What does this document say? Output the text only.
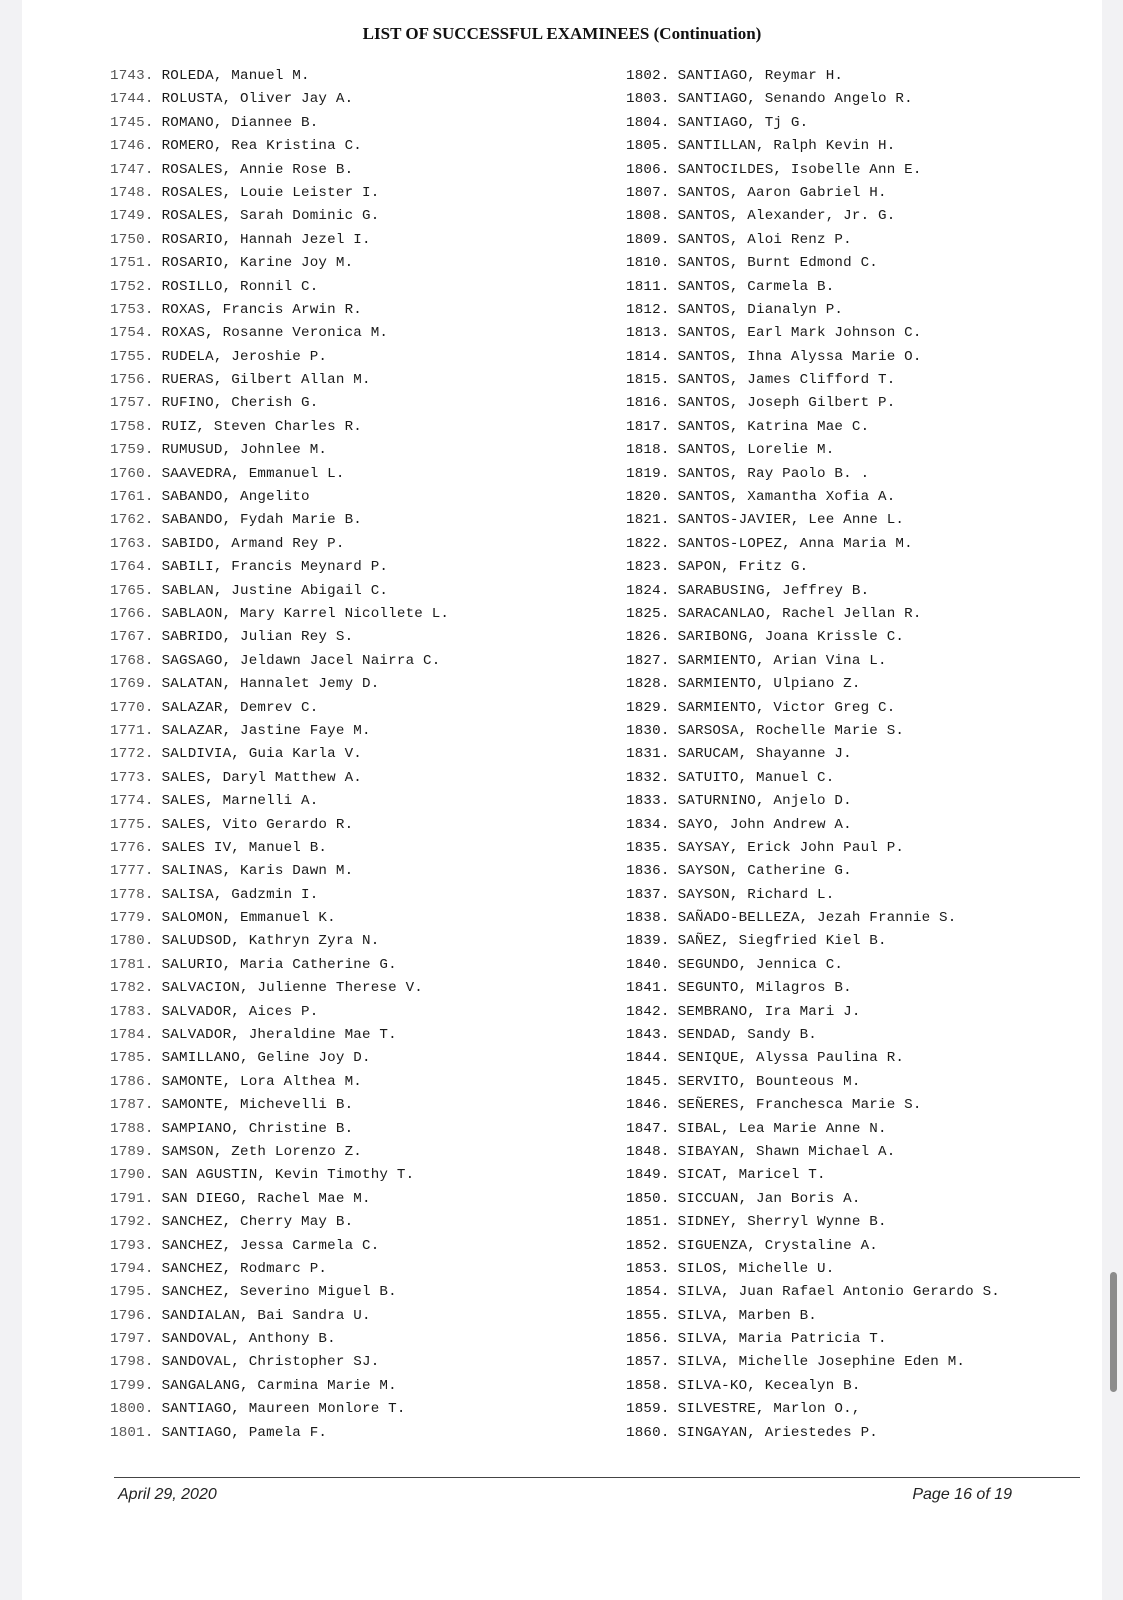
LIST OF SUCCESSFUL EXAMINEES (Continuation)
1743. ROLEDA, Manuel M.
1744. ROLUSTA, Oliver Jay A.
1745. ROMANO, Diannee B.
1746. ROMERO, Rea Kristina C.
1747. ROSALES, Annie Rose B.
1748. ROSALES, Louie Leister I.
1749. ROSALES, Sarah Dominic G.
1750. ROSARIO, Hannah Jezel I.
1751. ROSARIO, Karine Joy M.
1752. ROSILLO, Ronnil C.
1753. ROXAS, Francis Arwin R.
1754. ROXAS, Rosanne Veronica M.
1755. RUDELA, Jeroshie P.
1756. RUERAS, Gilbert Allan M.
1757. RUFINO, Cherish G.
1758. RUIZ, Steven Charles R.
1759. RUMUSUD, Johnlee M.
1760. SAAVEDRA, Emmanuel L.
1761. SABANDO, Angelito
1762. SABANDO, Fydah Marie B.
1763. SABIDO, Armand Rey P.
1764. SABILI, Francis Meynard P.
1765. SABLAN, Justine Abigail C.
1766. SABLAON, Mary Karrel Nicollete L.
1767. SABRIDO, Julian Rey S.
1768. SAGSAGO, Jeldawn Jacel Nairra C.
1769. SALATAN, Hannalet Jemy D.
1770. SALAZAR, Demrev C.
1771. SALAZAR, Jastine Faye M.
1772. SALDIVIA, Guia Karla V.
1773. SALES, Daryl Matthew A.
1774. SALES, Marnelli A.
1775. SALES, Vito Gerardo R.
1776. SALES IV, Manuel B.
1777. SALINAS, Karis Dawn M.
1778. SALISA, Gadzmin I.
1779. SALOMON, Emmanuel K.
1780. SALUDSOD, Kathryn Zyra N.
1781. SALURIO, Maria Catherine G.
1782. SALVACION, Julienne Therese V.
1783. SALVADOR, Aices P.
1784. SALVADOR, Jheraldine Mae T.
1785. SAMILLANO, Geline Joy D.
1786. SAMONTE, Lora Althea M.
1787. SAMONTE, Michevelli B.
1788. SAMPIANO, Christine B.
1789. SAMSON, Zeth Lorenzo Z.
1790. SAN AGUSTIN, Kevin Timothy T.
1791. SAN DIEGO, Rachel Mae M.
1792. SANCHEZ, Cherry May B.
1793. SANCHEZ, Jessa Carmela C.
1794. SANCHEZ, Rodmarc P.
1795. SANCHEZ, Severino Miguel B.
1796. SANDIALAN, Bai Sandra U.
1797. SANDOVAL, Anthony B.
1798. SANDOVAL, Christopher SJ.
1799. SANGALANG, Carmina Marie M.
1800. SANTIAGO, Maureen Monlore T.
1801. SANTIAGO, Pamela F.
1802. SANTIAGO, Reymar H.
1803. SANTIAGO, Senando Angelo R.
1804. SANTIAGO, Tj G.
1805. SANTILLAN, Ralph Kevin H.
1806. SANTOCILDES, Isobelle Ann E.
1807. SANTOS, Aaron Gabriel H.
1808. SANTOS, Alexander, Jr. G.
1809. SANTOS, Aloi Renz P.
1810. SANTOS, Burnt Edmond C.
1811. SANTOS, Carmela B.
1812. SANTOS, Dianalyn P.
1813. SANTOS, Earl Mark Johnson C.
1814. SANTOS, Ihna Alyssa Marie O.
1815. SANTOS, James Clifford T.
1816. SANTOS, Joseph Gilbert P.
1817. SANTOS, Katrina Mae C.
1818. SANTOS, Lorelie M.
1819. SANTOS, Ray Paolo B. .
1820. SANTOS, Xamantha Xofia A.
1821. SANTOS-JAVIER, Lee Anne L.
1822. SANTOS-LOPEZ, Anna Maria M.
1823. SAPON, Fritz G.
1824. SARABUSING, Jeffrey B.
1825. SARACANLAO, Rachel Jellan R.
1826. SARIBONG, Joana Krissle C.
1827. SARMIENTO, Arian Vina L.
1828. SARMIENTO, Ulpiano Z.
1829. SARMIENTO, Victor Greg C.
1830. SARSOSA, Rochelle Marie S.
1831. SARUCAM, Shayanne J.
1832. SATUITO, Manuel C.
1833. SATURNINO, Anjelo D.
1834. SAYO, John Andrew A.
1835. SAYSAY, Erick John Paul P.
1836. SAYSON, Catherine G.
1837. SAYSON, Richard L.
1838. SAÑADO-BELLEZA, Jezah Frannie S.
1839. SAÑEZ, Siegfried Kiel B.
1840. SEGUNDO, Jennica C.
1841. SEGUNTO, Milagros B.
1842. SEMBRANO, Ira Mari J.
1843. SENDAD, Sandy B.
1844. SENIQUE, Alyssa Paulina R.
1845. SERVITO, Bounteous M.
1846. SEÑERES, Franchesca Marie S.
1847. SIBAL, Lea Marie Anne N.
1848. SIBAYAN, Shawn Michael A.
1849. SICAT, Maricel T.
1850. SICCUAN, Jan Boris A.
1851. SIDNEY, Sherryl Wynne B.
1852. SIGUENZA, Crystaline A.
1853. SILOS, Michelle U.
1854. SILVA, Juan Rafael Antonio Gerardo S.
1855. SILVA, Marben B.
1856. SILVA, Maria Patricia T.
1857. SILVA, Michelle Josephine Eden M.
1858. SILVA-KO, Kecealyn B.
1859. SILVESTRE, Marlon O.,
1860. SINGAYAN, Ariestedes P.
April 29, 2020	Page 16 of 19
